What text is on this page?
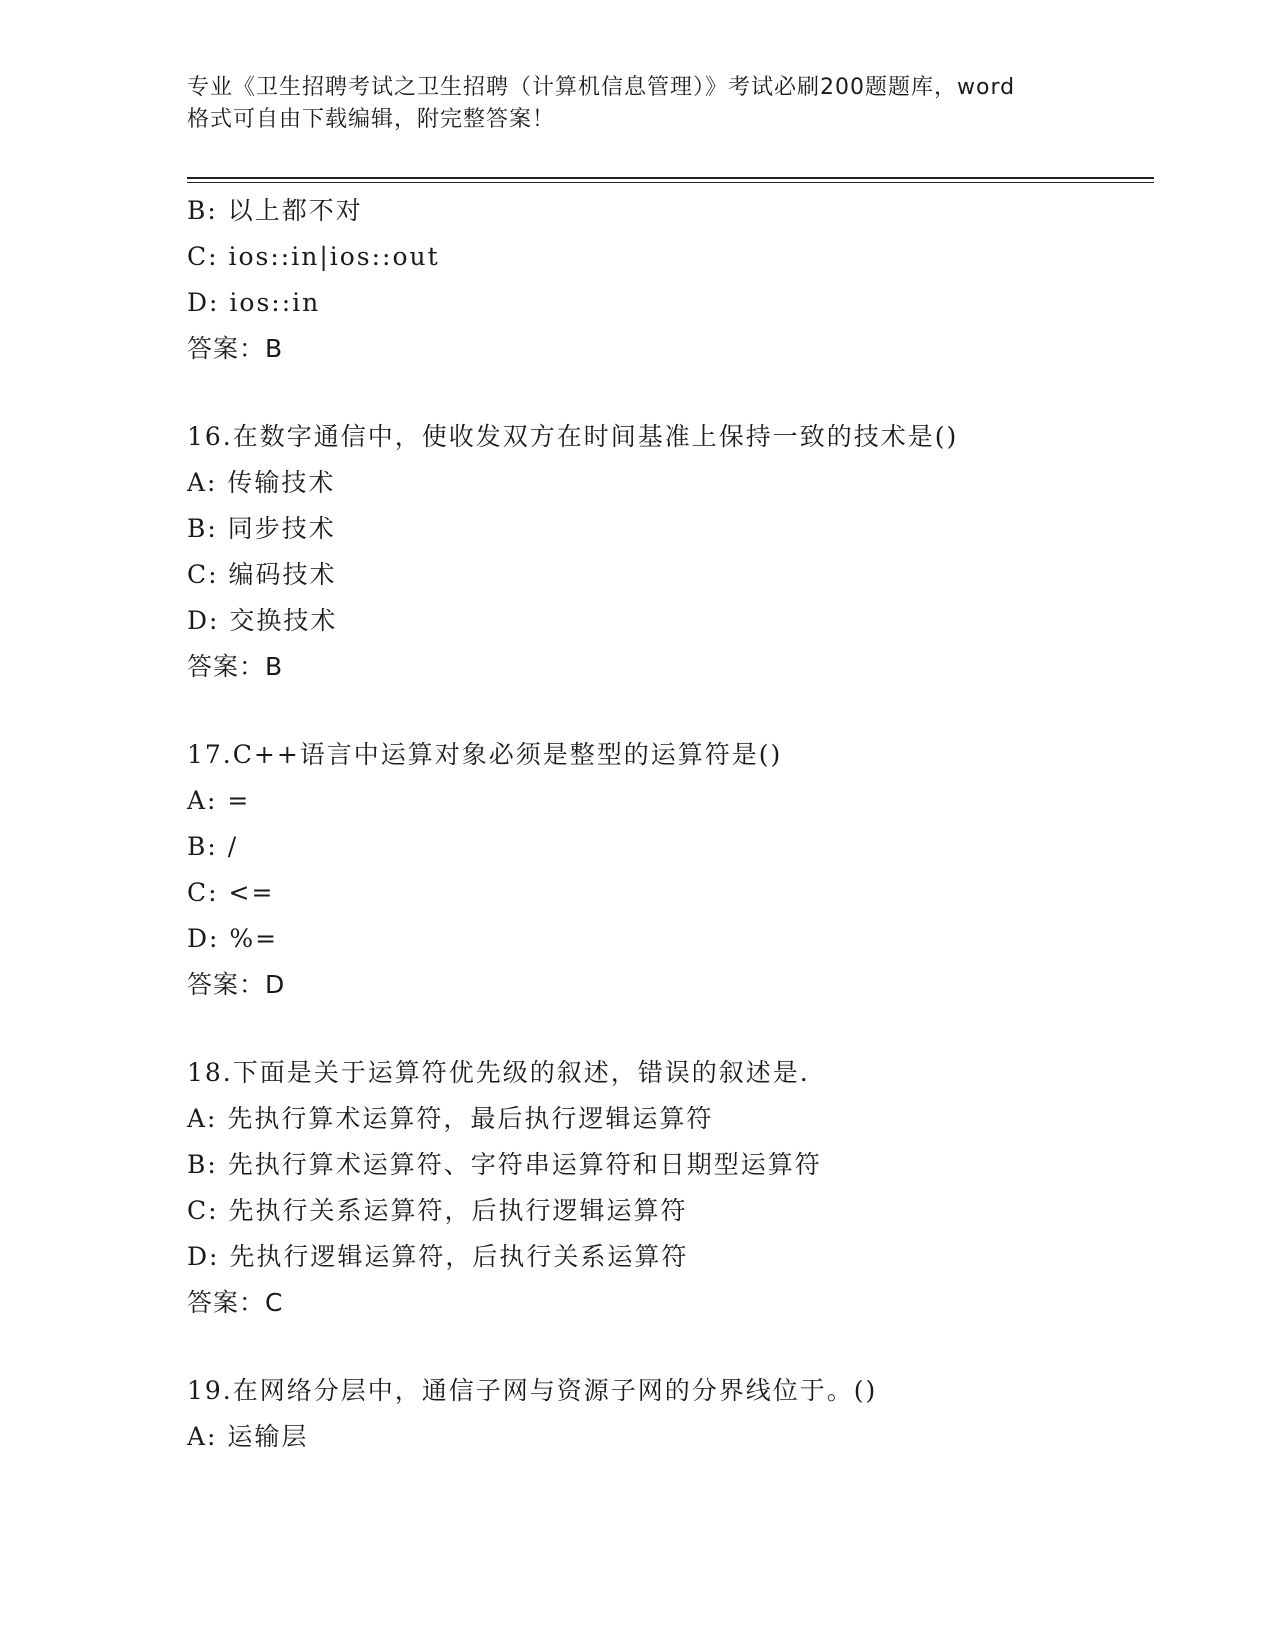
专业《卫生招聘考试之卫生招聘（计算机信息管理）》考试必刷200题题库，word
格式可自由下载编辑，附完整答案！
B: 以上都不对
C: ios::in|ios::out
D: ios::in
答案：B
16.在数字通信中，使收发双方在时间基准上保持一致的技术是()
A: 传输技术
B: 同步技术
C: 编码技术
D: 交换技术
答案：B
17.C++语言中运算对象必须是整型的运算符是()
A: =
B: /
C: <=
D: %=
答案：D
18.下面是关于运算符优先级的叙述，错误的叙述是.
A: 先执行算术运算符，最后执行逻辑运算符
B: 先执行算术运算符、字符串运算符和日期型运算符
C: 先执行关系运算符，后执行逻辑运算符
D: 先执行逻辑运算符，后执行关系运算符
答案：C
19.在网络分层中，通信子网与资源子网的分界线位于。()
A: 运输层
